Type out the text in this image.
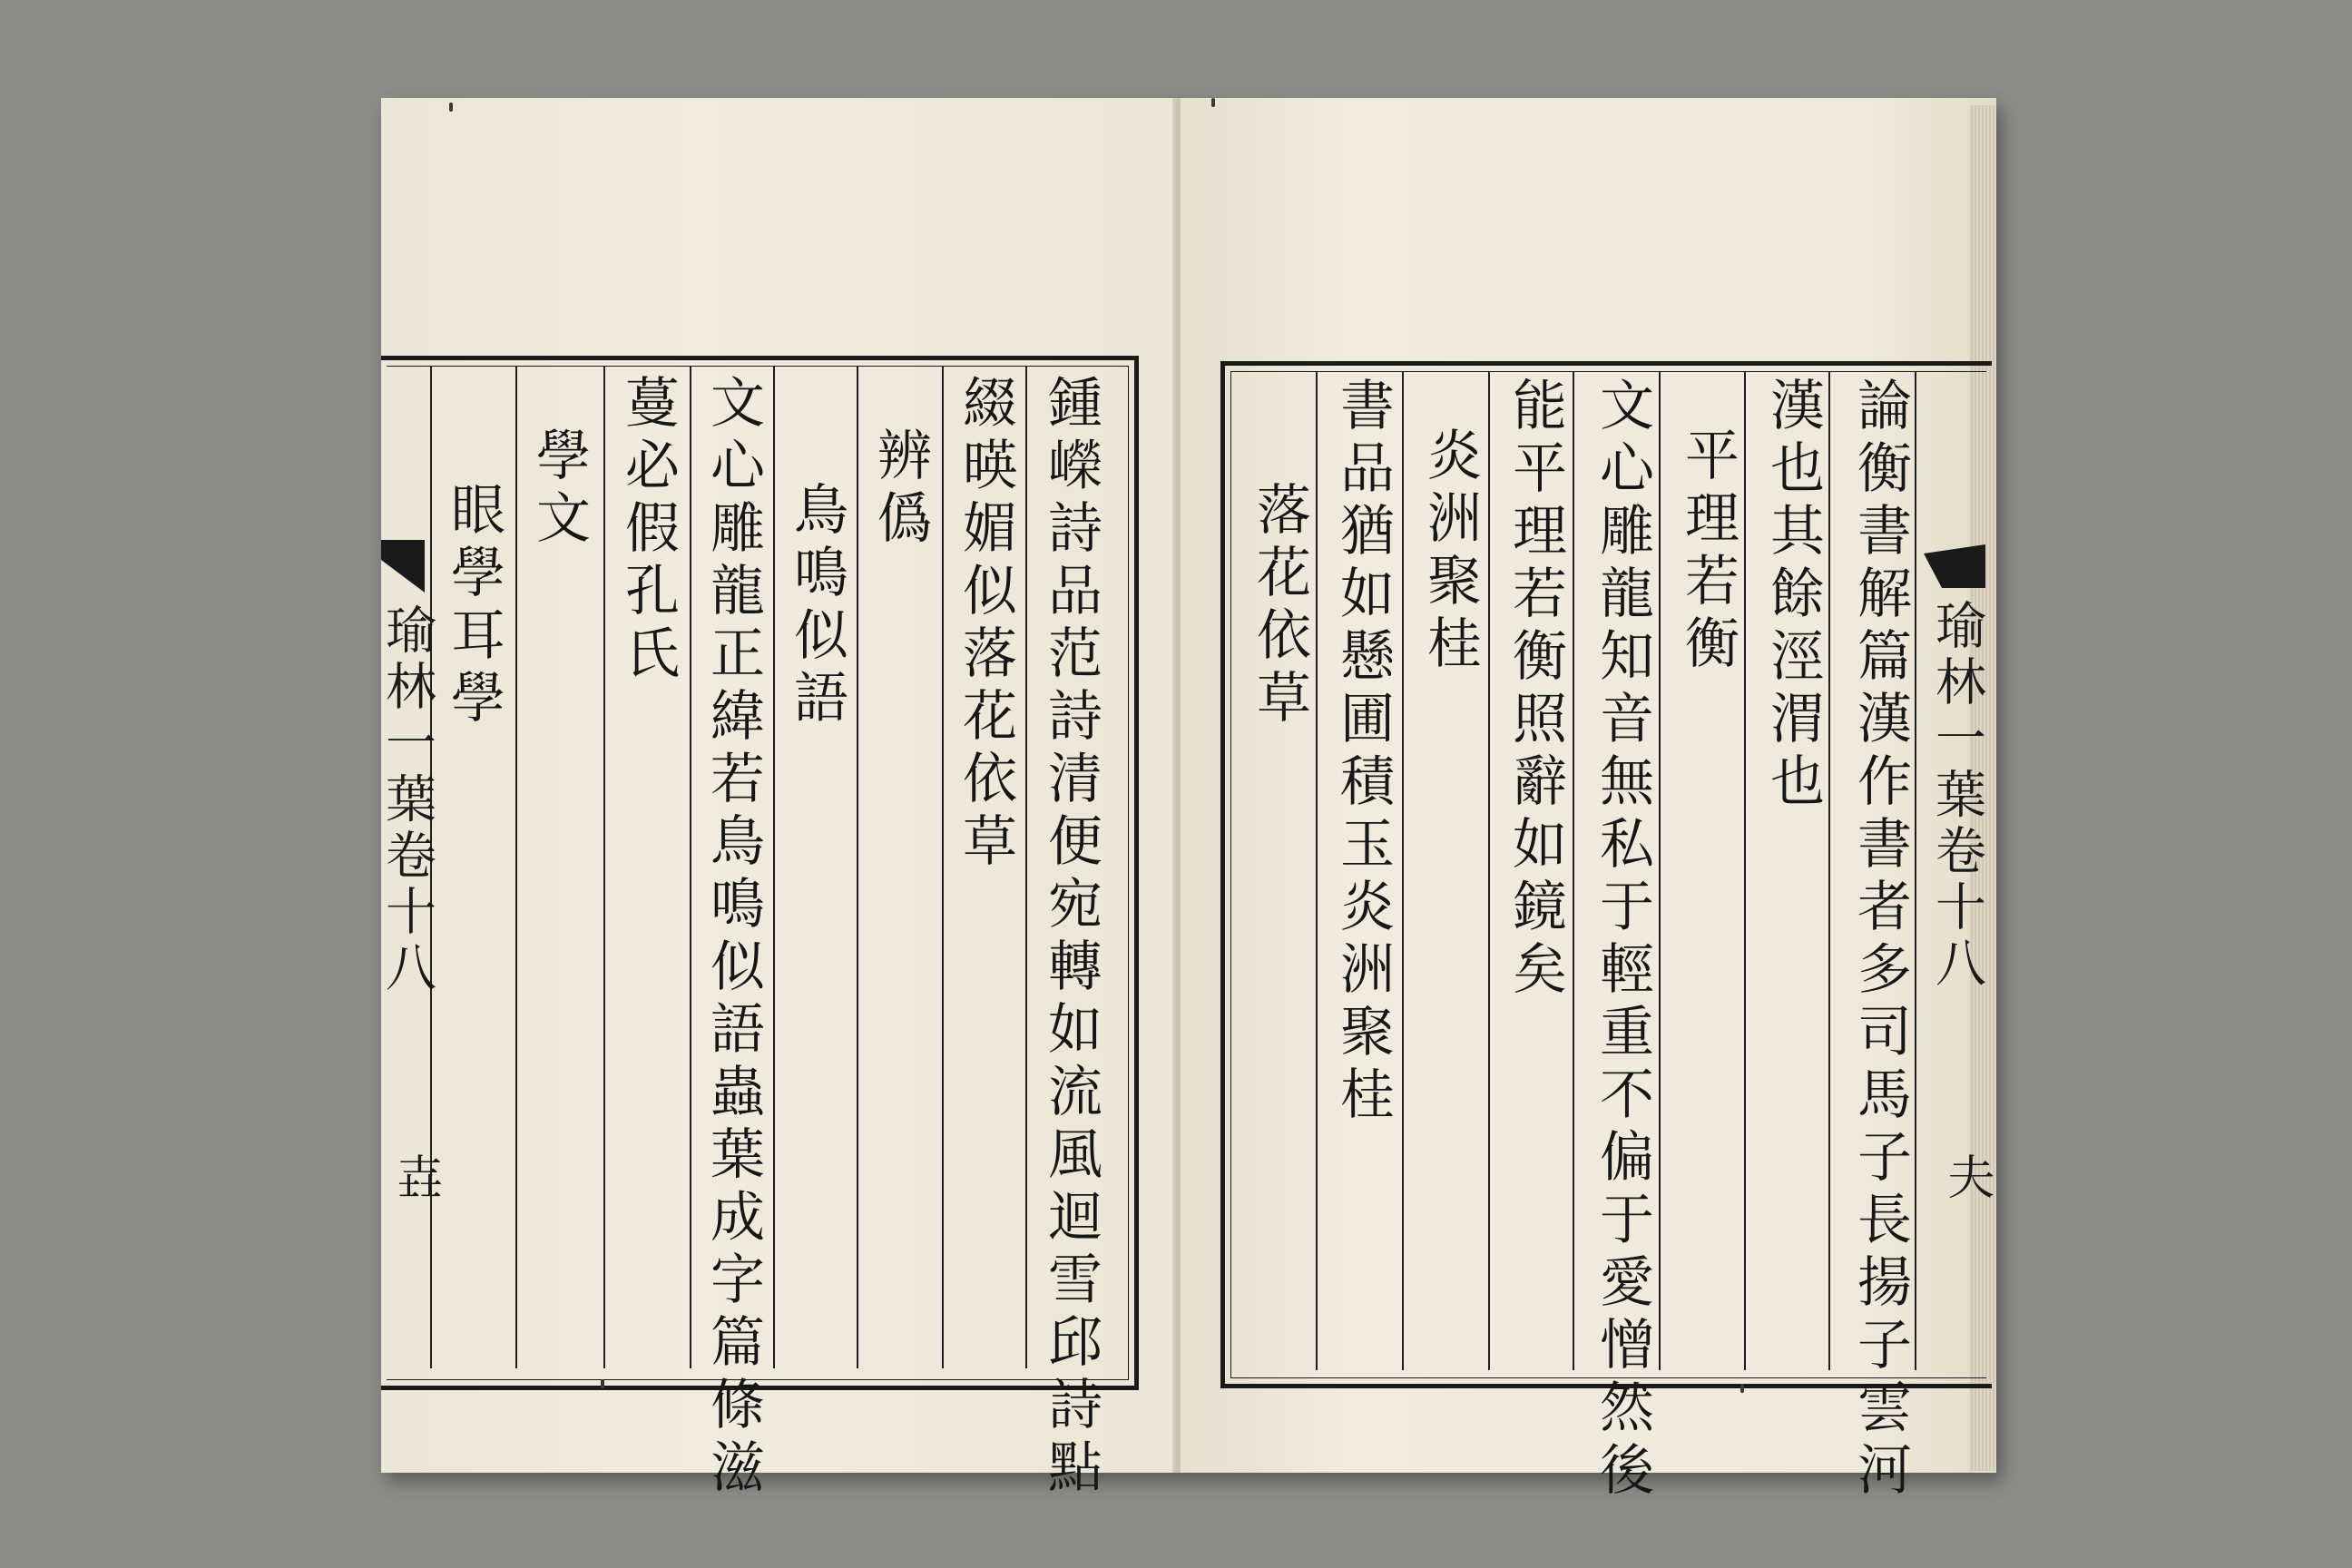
鍾嶸詩品范詩清便宛轉如流風迴雪邱詩點
綴暎媚似落花依草
辨僞
鳥鳴似語
文心雕龍正緯若鳥鳴似語蟲葉成字篇條滋
蔓必假孔氏
學文
眼學耳學
瑜林一葉卷十八
壵	論衡書解篇漢作書者多司馬子長揚子雲河
漢也其餘涇渭也
平理若衡
文心雕龍知音無私于輕重不偏于愛憎然後
能平理若衡照辭如鏡矣
炎洲聚桂
書品猶如懸圃積玉炎洲聚桂
落花依草	瑜林一葉卷十八
夫
